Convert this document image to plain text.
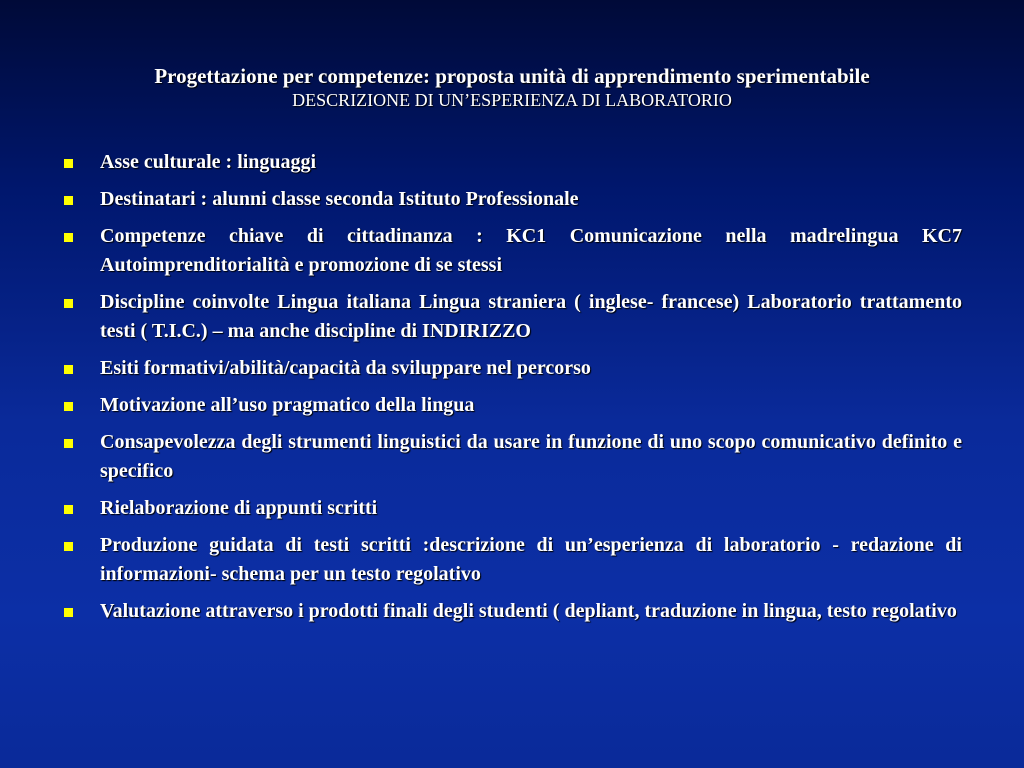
Progettazione per competenze: proposta unità di apprendimento sperimentabile
DESCRIZIONE DI UN’ESPERIENZA DI LABORATORIO
Asse culturale : linguaggi
Destinatari : alunni classe seconda Istituto Professionale
Competenze chiave di cittadinanza : KC1 Comunicazione nella madrelingua KC7 Autoimprenditorialità e promozione di se stessi
Discipline coinvolte Lingua italiana Lingua straniera ( inglese- francese) Laboratorio trattamento testi ( T.I.C.) – ma anche discipline di INDIRIZZO
Esiti formativi/abilità/capacità da sviluppare nel percorso
Motivazione all’uso pragmatico della lingua
Consapevolezza degli strumenti linguistici da usare in funzione di uno scopo comunicativo definito e specifico
Rielaborazione di appunti scritti
Produzione guidata di testi scritti :descrizione di un’esperienza di laboratorio - redazione di informazioni- schema per un testo regolativo
Valutazione attraverso i prodotti finali degli studenti ( depliant, traduzione in lingua, testo regolativo
